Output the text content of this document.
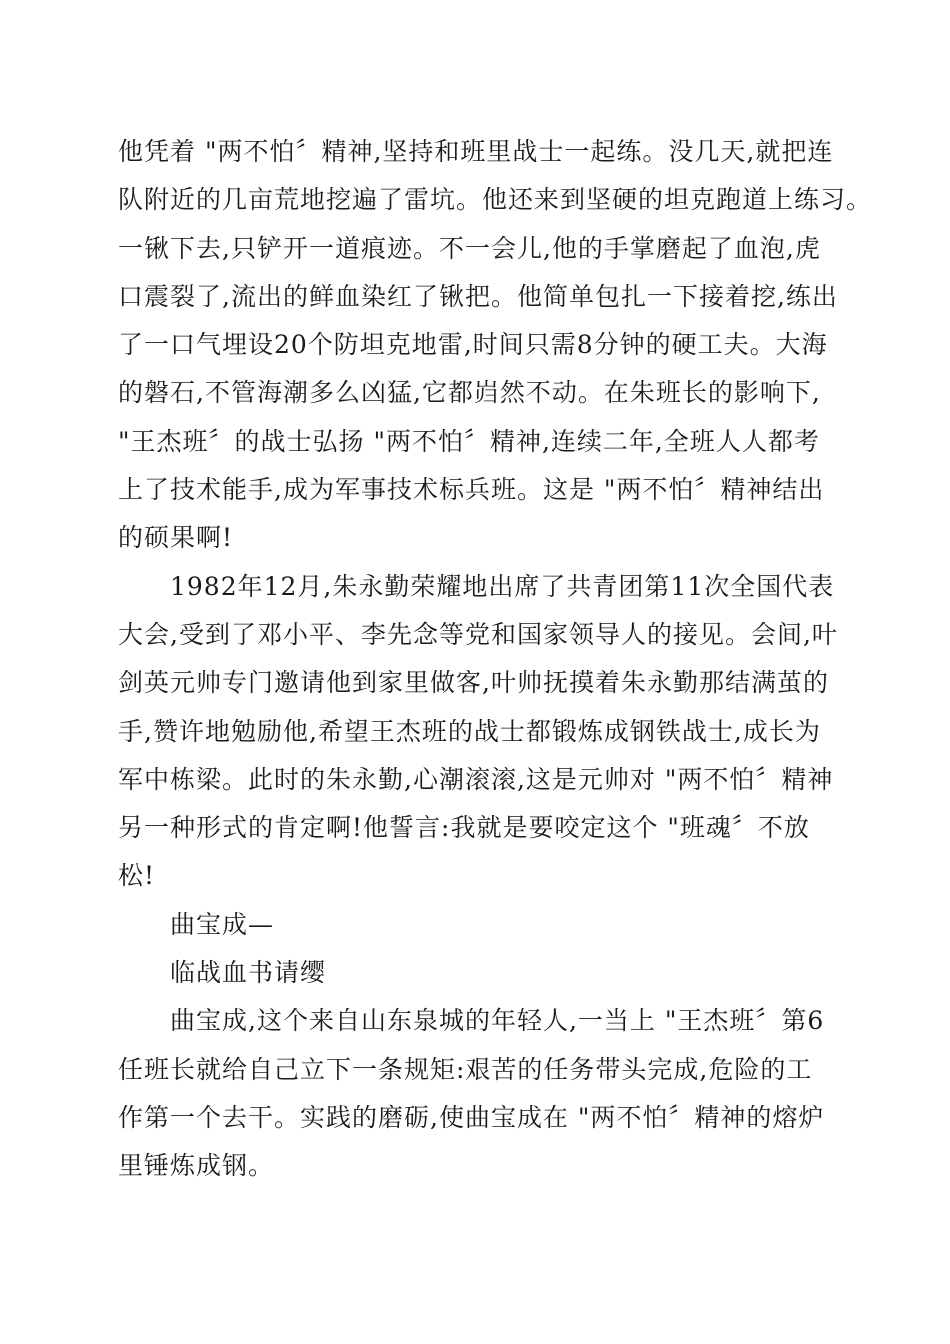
他凭着 "两不怕〞精神,坚持和班里战士一起练。没几天,就把连
队附近的几亩荒地挖遍了雷坑。他还来到坚硬的坦克跑道上练习。
一锹下去,只铲开一道痕迹。不一会儿,他的手掌磨起了血泡,虎
口震裂了,流出的鲜血染红了锹把。他简单包扎一下接着挖,练出
了一口气埋设20个防坦克地雷,时间只需8分钟的硬工夫。大海
的磐石,不管海潮多么凶猛,它都岿然不动。在朱班长的影响下,
"王杰班〞的战士弘扬 "两不怕〞精神,连续二年,全班人人都考
上了技术能手,成为军事技术标兵班。这是 "两不怕〞精神结出
的硕果啊!
1982年12月,朱永勤荣耀地出席了共青团第11次全国代表
大会,受到了邓小平、李先念等党和国家领导人的接见。会间,叶
剑英元帅专门邀请他到家里做客,叶帅抚摸着朱永勤那结满茧的
手,赞许地勉励他,希望王杰班的战士都锻炼成钢铁战士,成长为
军中栋梁。此时的朱永勤,心潮滚滚,这是元帅对 "两不怕〞精神
另一种形式的肯定啊!他誓言:我就是要咬定这个 "班魂〞不放
松!
曲宝成—
临战血书请缨
曲宝成,这个来自山东泉城的年轻人,一当上 "王杰班〞第6
任班长就给自己立下一条规矩:艰苦的任务带头完成,危险的工
作第一个去干。实践的磨砺,使曲宝成在 "两不怕〞精神的熔炉
里锤炼成钢。
